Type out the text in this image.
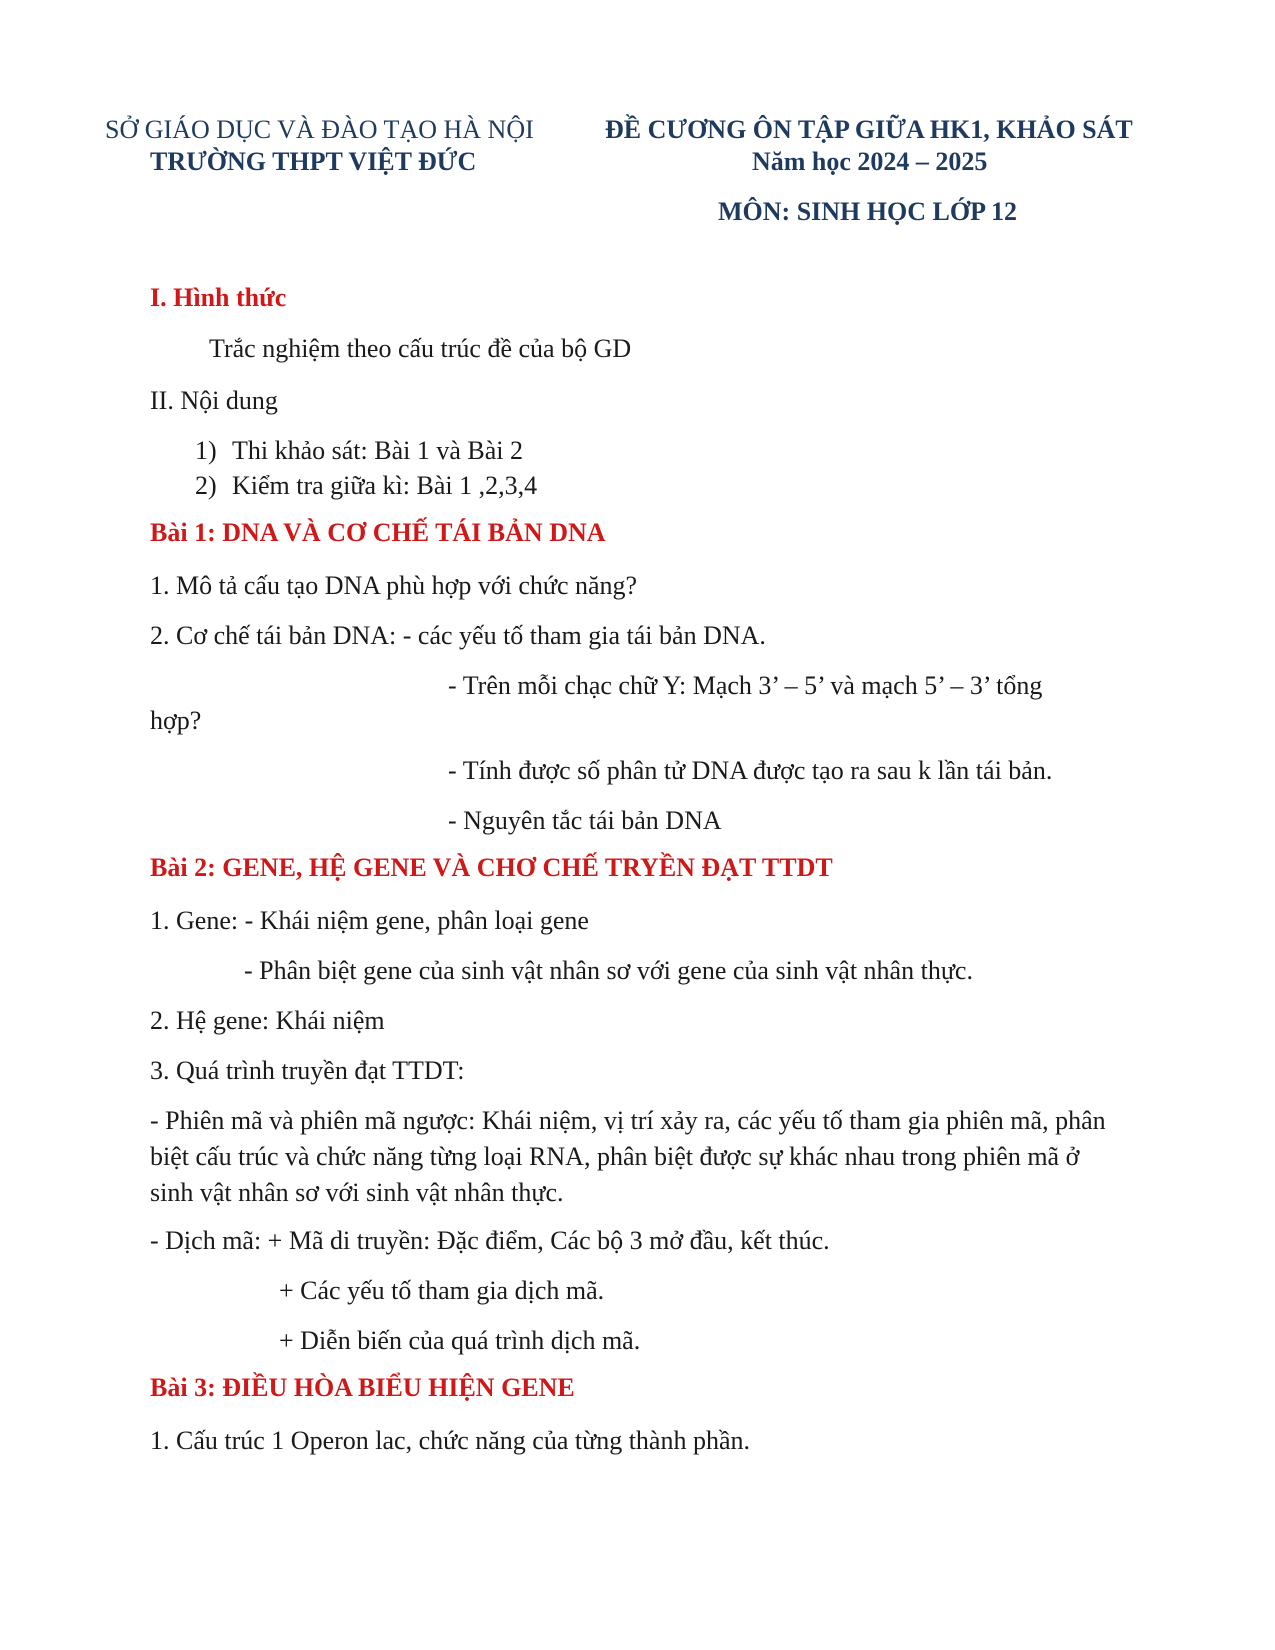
SỞ GIÁO DỤC VÀ ĐÀO TẠO HÀ NỘI
TRƯỜNG THPT VIỆT ĐỨC
ĐỀ CƯƠNG ÔN TẬP GIỮA HK1, KHẢO SÁT
Năm học 2024 – 2025
MÔN: SINH HỌC LỚP 12
I. Hình thức
Trắc nghiệm theo cấu trúc đề của bộ GD
II. Nội dung
1) Thi khảo sát: Bài 1 và Bài 2
2) Kiểm tra giữa kì: Bài 1 ,2,3,4
Bài 1: DNA VÀ CƠ CHẾ TÁI BẢN DNA
1. Mô tả cấu tạo DNA phù hợp với chức năng?
2. Cơ chế tái bản DNA: - các yếu tố tham gia tái bản DNA.
- Trên mỗi chạc chữ Y: Mạch 3’ – 5’ và mạch 5’ – 3’ tổng
hợp?
- Tính được số phân tử DNA được tạo ra sau k lần tái bản.
- Nguyên tắc tái bản DNA
Bài 2: GENE, HỆ GENE VÀ CHƠ CHẾ TRYỀN ĐẠT TTDT
1. Gene: - Khái niệm gene, phân loại gene
- Phân biệt gene của sinh vật nhân sơ với gene của sinh vật nhân thực.
2. Hệ gene: Khái niệm
3. Quá trình truyền đạt TTDT:
- Phiên mã và phiên mã ngược: Khái niệm, vị trí xảy ra, các yếu tố tham gia phiên mã, phân biệt cấu trúc và chức năng từng loại RNA, phân biệt được sự khác nhau trong phiên mã ở sinh vật nhân sơ với sinh vật nhân thực.
- Dịch mã: + Mã di truyền: Đặc điểm, Các bộ 3 mở đầu, kết thúc.
+ Các yếu tố tham gia dịch mã.
+ Diễn biến của quá trình dịch mã.
Bài 3: ĐIỀU HÒA BIỂU HIỆN GENE
1. Cấu trúc 1 Operon lac, chức năng của từng thành phần.
